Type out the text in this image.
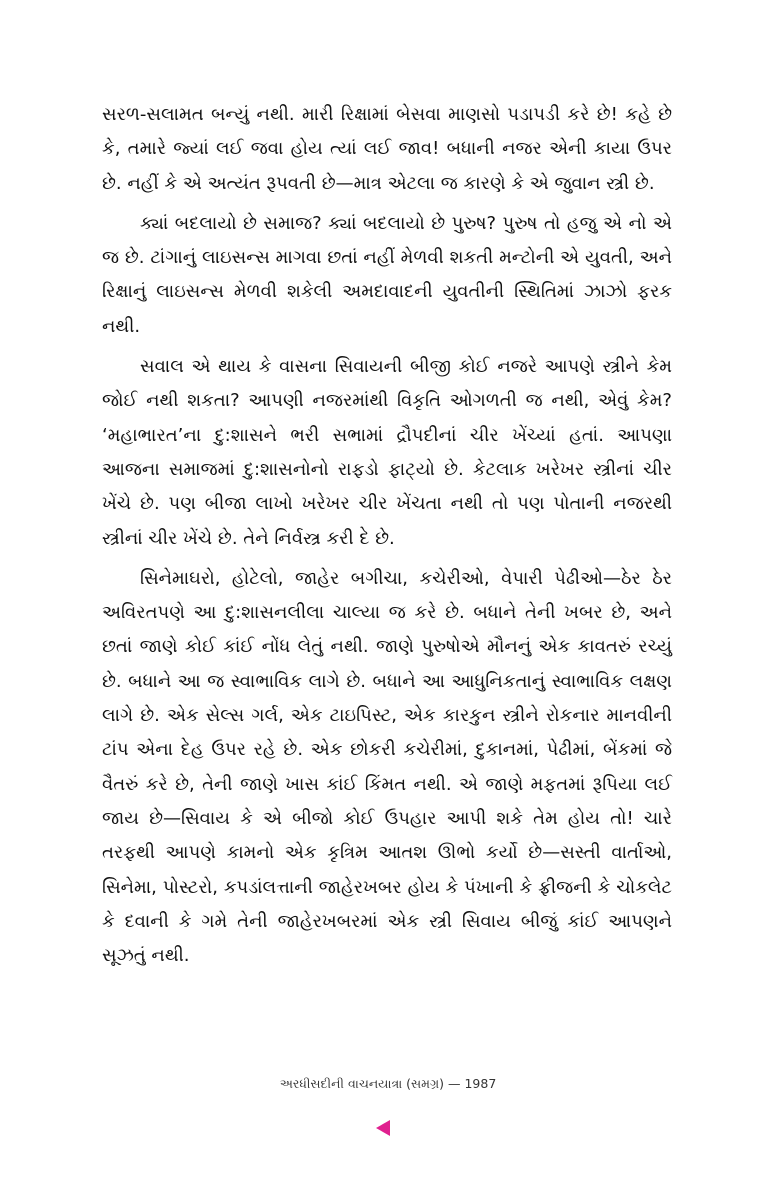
સરળ-સલામત બન્યું નથી. મારી રિક્ષામાં બેસવા માણસો પડાપડી કરે છે! કહે છે કે, તમારે જ્યાં લઈ જવા હોય ત્યાં લઈ જાવ! બધાની નજર એની કાયા ઉપર છે. નહીં કે એ અત્યંત રૂપવતી છે—માત્ર એટલા જ કારણે કે એ જુવાન સ્ત્રી છે.

ક્યાં બદલાયો છે સમાજ? ક્યાં બદલાયો છે પુરુષ? પુરુષ તો હજુ એ નો એ જ છે. ટાંગાનું લાઇસન્સ માગવા છતાં નહીં મેળવી શકતી મન્ટોની એ યુવતી, અને રિક્ષાનું લાઇસન્સ મેળવી શકેલી અમદાવાદની યુવતીની સ્થિતિમાં ઝાઝો ફરક નથી.

સવાલ એ થાય કે વાસના સિવાયની બીજી કોઈ નજરે આપણે સ્ત્રીને કેમ જોઈ નથી શકતા? આપણી નજરમાંથી વિકૃતિ ઓગળતી જ નથી, એવું કેમ? ‘મહાભારત’ના દુ:શાસને ભરી સભામાં દ્રૌપદીનાં ચીર ખેંચ્યાં હતાં. આપણા આજના સમાજમાં દુ:શાસનોનો રાફડો ફાટ્યો છે. કેટલાક ખરેખર સ્ત્રીનાં ચીર ખેંચે છે. પણ બીજા લાખો ખરેખર ચીર ખેંચતા નથી તો પણ પોતાની નજરથી સ્ત્રીનાં ચીર ખેંચે છે. તેને નિર્વસ્ત્ર કરી દે છે.

સિનેમાઘરો, હોટેલો, જાહેર બગીચા, કચેરીઓ, વેપારી પેઢીઓ—ઠેર ઠેર અવિરતપણે આ દુ:શાસનલીલા ચાલ્યા જ કરે છે. બધાને તેની ખબર છે, અને છતાં જાણે કોઈ કાંઈ નોંધ લેતું નથી. જાણે પુરુષોએ મૌનનું એક કાવતરું રચ્યું છે. બધાને આ જ સ્વાભાવિક લાગે છે. બધાને આ આધુનિકતાનું સ્વાભાવિક લક્ષણ લાગે છે. એક સેલ્સ ગર્લ, એક ટાઇપિસ્ટ, એક કારકુન સ્ત્રીને રોકનાર માનવીની ટાંપ એના દેહ ઉપર રહે છે. એક છોકરી કચેરીમાં, દુકાનમાં, પેઢીમાં, બેંકમાં જે વૈતરું કરે છે, તેની જાણે ખાસ કાંઈ કિંમત નથી. એ જાણે મફતમાં રૂપિયા લઈ જાય છે—સિવાય કે એ બીજો કોઈ ઉપહાર આપી શકે તેમ હોય તો! ચારે તરફથી આપણે કામનો એક કૃત્રિમ આતશ ઊભો કર્યો છે—સસ્તી વાર્તાઓ, સિનેમા, પોસ્ટરો, કપડાંલત્તાની જાહેરખબર હોય કે પંખાની કે ફ્રીજની કે ચોકલેટ કે દવાની કે ગમે તેની જાહેરખબરમાં એક સ્ત્રી સિવાય બીજું કાંઈ આપણને સૂઝતું નથી.

અરધીસદીની વાચનયાત્રા (સમગ્ર) — 1987
